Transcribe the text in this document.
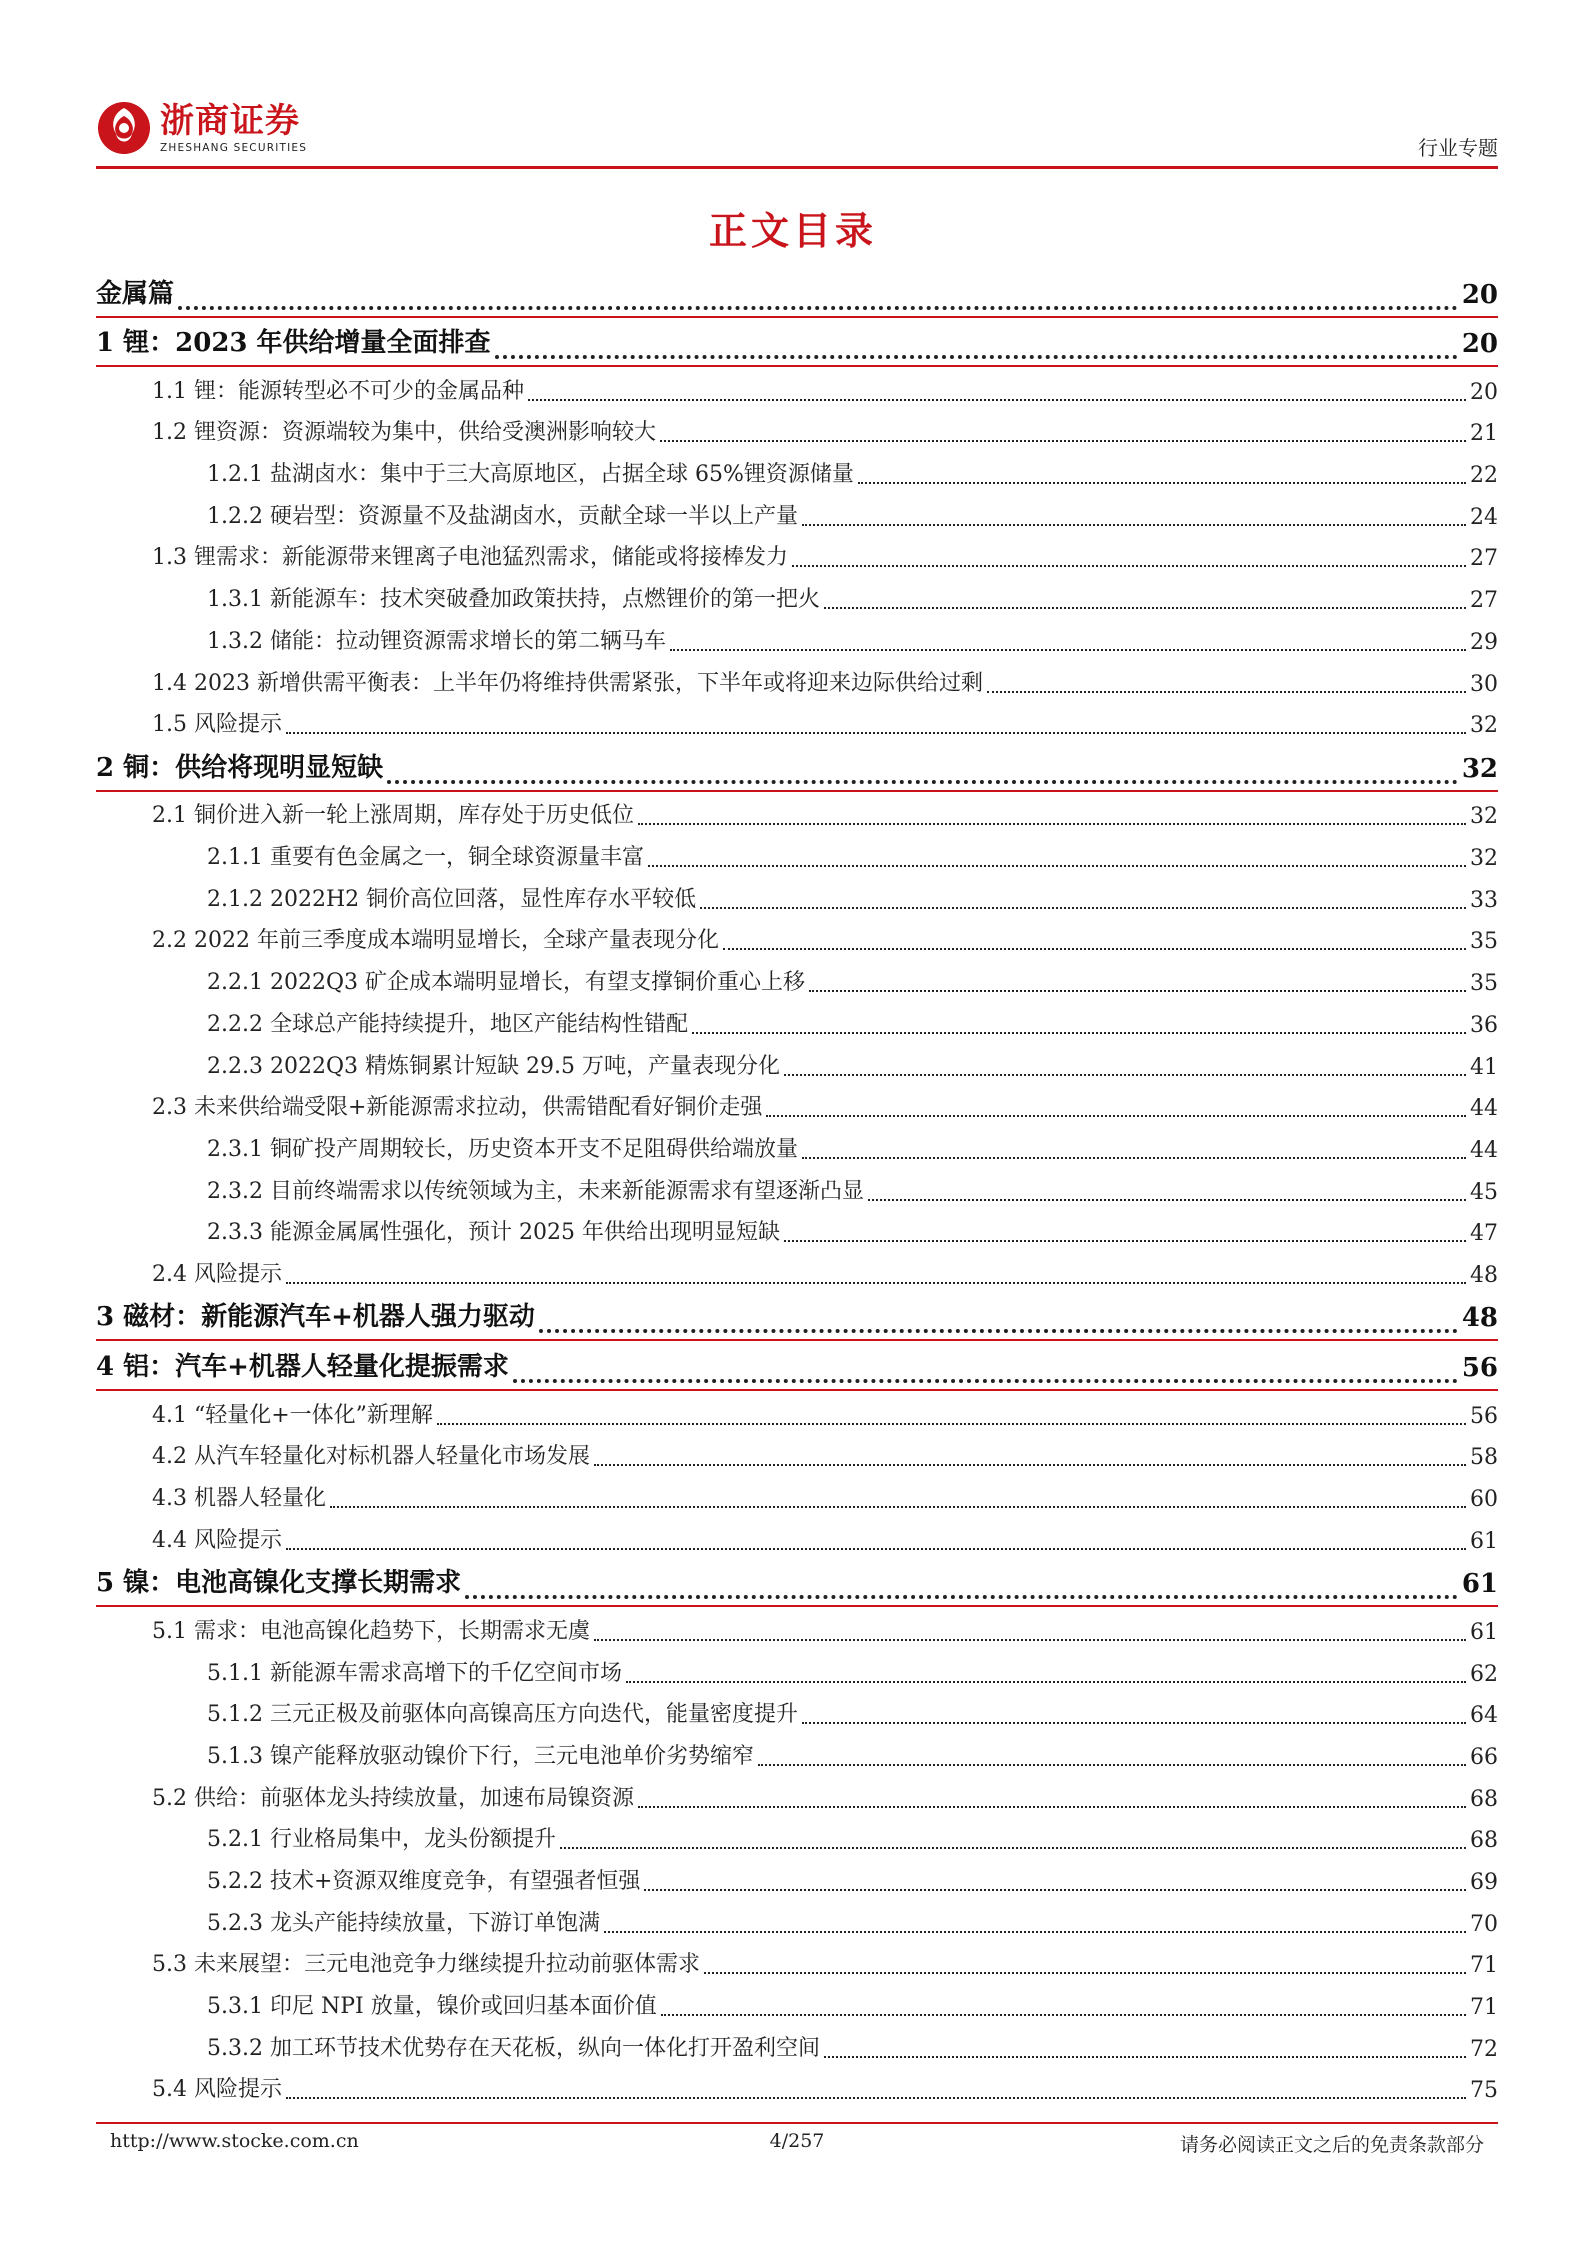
浙商证券
ZHESHANG SECURITIES	行业专题
正文目录
金属篇	20
1 锂：2023 年供给增量全面排查	20
1.1 锂：能源转型必不可少的金属品种	20
1.2 锂资源：资源端较为集中，供给受澳洲影响较大	21
1.2.1 盐湖卤水：集中于三大高原地区，占据全球 65%锂资源储量	22
1.2.2 硬岩型：资源量不及盐湖卤水，贡献全球一半以上产量	24
1.3 锂需求：新能源带来锂离子电池猛烈需求，储能或将接棒发力	27
1.3.1 新能源车：技术突破叠加政策扶持，点燃锂价的第一把火	27
1.3.2 储能：拉动锂资源需求增长的第二辆马车	29
1.4 2023 新增供需平衡表：上半年仍将维持供需紧张，下半年或将迎来边际供给过剩	30
1.5 风险提示	32
2 铜：供给将现明显短缺	32
2.1 铜价进入新一轮上涨周期，库存处于历史低位	32
2.1.1 重要有色金属之一，铜全球资源量丰富	32
2.1.2 2022H2 铜价高位回落，显性库存水平较低	33
2.2 2022 年前三季度成本端明显增长，全球产量表现分化	35
2.2.1 2022Q3 矿企成本端明显增长，有望支撑铜价重心上移	35
2.2.2 全球总产能持续提升，地区产能结构性错配	36
2.2.3 2022Q3 精炼铜累计短缺 29.5 万吨，产量表现分化	41
2.3 未来供给端受限+新能源需求拉动，供需错配看好铜价走强	44
2.3.1 铜矿投产周期较长，历史资本开支不足阻碍供给端放量	44
2.3.2 目前终端需求以传统领域为主，未来新能源需求有望逐渐凸显	45
2.3.3 能源金属属性强化，预计 2025 年供给出现明显短缺	47
2.4 风险提示	48
3 磁材：新能源汽车+机器人强力驱动	48
4 铝：汽车+机器人轻量化提振需求	56
4.1 “轻量化+一体化”新理解	56
4.2 从汽车轻量化对标机器人轻量化市场发展	58
4.3 机器人轻量化	60
4.4 风险提示	61
5 镍：电池高镍化支撑长期需求	61
5.1 需求：电池高镍化趋势下，长期需求无虞	61
5.1.1 新能源车需求高增下的千亿空间市场	62
5.1.2 三元正极及前驱体向高镍高压方向迭代，能量密度提升	64
5.1.3 镍产能释放驱动镍价下行，三元电池单价劣势缩窄	66
5.2 供给：前驱体龙头持续放量，加速布局镍资源	68
5.2.1 行业格局集中，龙头份额提升	68
5.2.2 技术+资源双维度竞争，有望强者恒强	69
5.2.3 龙头产能持续放量，下游订单饱满	70
5.3 未来展望：三元电池竞争力继续提升拉动前驱体需求	71
5.3.1 印尼 NPI 放量，镍价或回归基本面价值	71
5.3.2 加工环节技术优势存在天花板，纵向一体化打开盈利空间	72
5.4 风险提示	75
http://www.stocke.com.cn	4/257	请务必阅读正文之后的免责条款部分
